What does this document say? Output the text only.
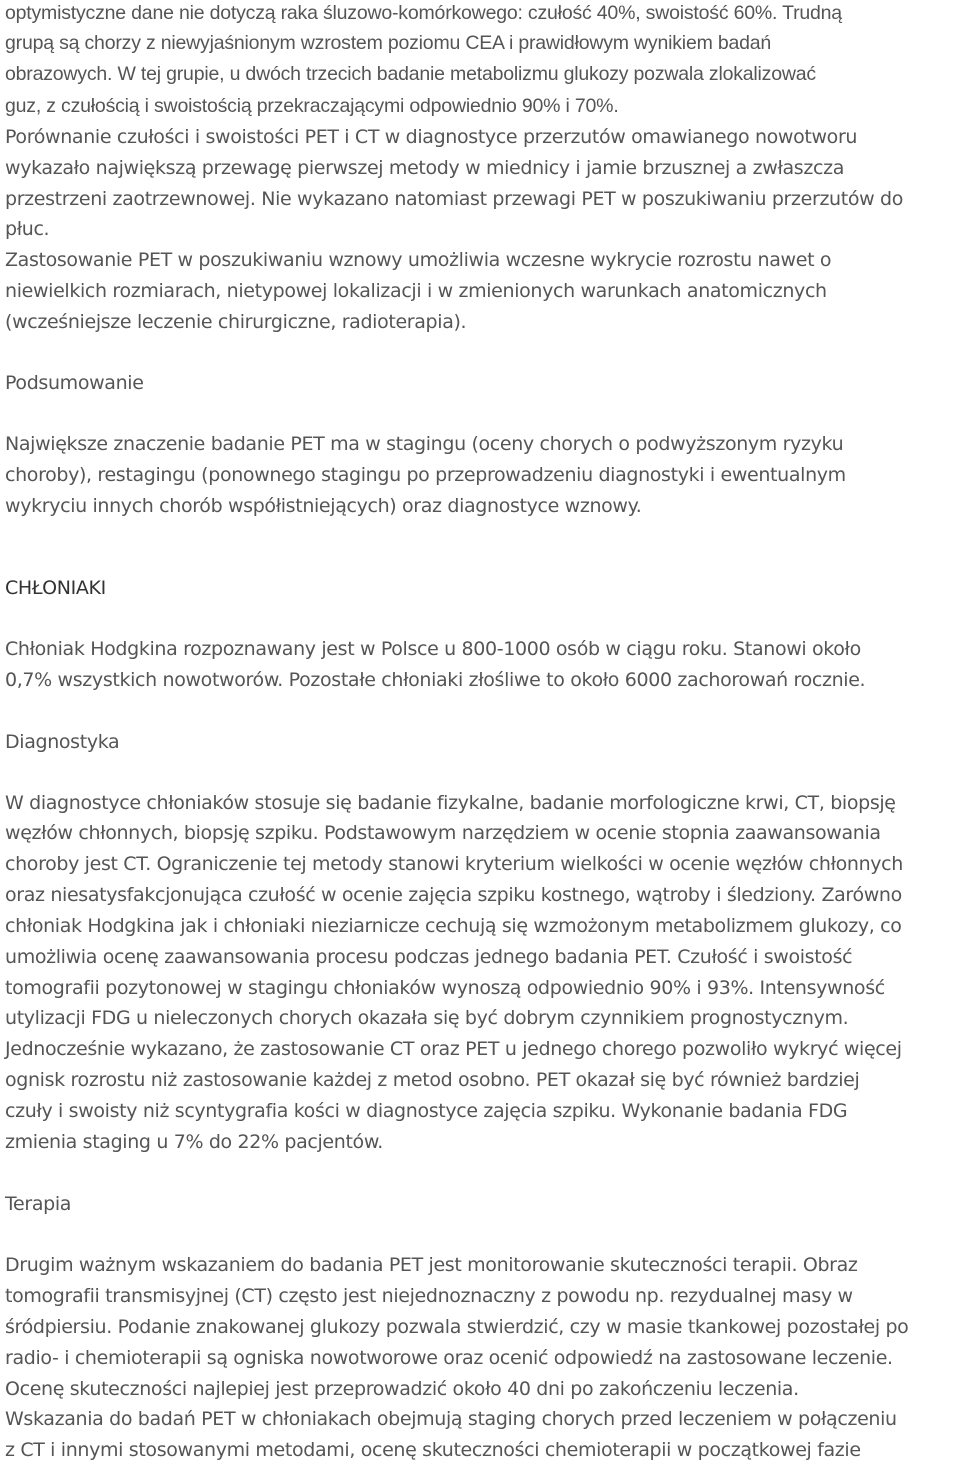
optymistyczne dane nie dotyczą raka śluzowo-komórkowego: czułość 40%, swoistość 60%. Trudną
grupą są chorzy z niewyjaśnionym wzrostem poziomu CEA i prawidłowym wynikiem badań
obrazowych. W tej grupie, u dwóch trzecich badanie metabolizmu glukozy pozwala zlokalizować
guz, z czułością i swoistością przekraczającymi odpowiednio 90% i 70%.
Porównanie czułości i swoistości PET i CT w diagnostyce przerzutów omawianego nowotworu
wykazało największą przewagę pierwszej metody w miednicy i jamie brzusznej a zwłaszcza
przestrzeni zaotrzewnowej. Nie wykazano natomiast przewagi PET w poszukiwaniu przerzutów do
płuc.
Zastosowanie PET w poszukiwaniu wznowy umożliwia wczesne wykrycie rozrostu nawet o
niewielkich rozmiarach, nietypowej lokalizacji i w zmienionych warunkach anatomicznych
(wcześniejsze leczenie chirurgiczne, radioterapia).
Podsumowanie
Największe znaczenie badanie PET ma w stagingu (oceny chorych o podwyższonym ryzyku
choroby), restagingu (ponownego stagingu po przeprowadzeniu diagnostyki i ewentualnym
wykryciu innych chorób współistniejących) oraz diagnostyce wznowy.
CHŁONIAKI
Chłoniak Hodgkina rozpoznawany jest w Polsce u 800-1000 osób w ciągu roku. Stanowi około
0,7% wszystkich nowotworów. Pozostałe chłoniaki złośliwe to około 6000 zachorowań rocznie.
Diagnostyka
W diagnostyce chłoniaków stosuje się badanie fizykalne, badanie morfologiczne krwi, CT, biopsję
węzłów chłonnych, biopsję szpiku. Podstawowym narzędziem w ocenie stopnia zaawansowania
choroby jest CT. Ograniczenie tej metody stanowi kryterium wielkości w ocenie węzłów chłonnych
oraz niesatysfakcjonująca czułość w ocenie zajęcia szpiku kostnego, wątroby i śledziony. Zarówno
chłoniak Hodgkina jak i chłoniaki nieziarnicze cechują się wzmożonym metabolizmem glukozy, co
umożliwia ocenę zaawansowania procesu podczas jednego badania PET. Czułość i swoistość
tomografii pozytonowej w stagingu chłoniaków wynoszą odpowiednio 90% i 93%. Intensywność
utylizacji FDG u nieleczonych chorych okazała się być dobrym czynnikiem prognostycznym.
Jednocześnie wykazano, że zastosowanie CT oraz PET u jednego chorego pozwoliło wykryć więcej
ognisk rozrostu niż zastosowanie każdej z metod osobno. PET okazał się być również bardziej
czuły i swoisty niż scyntygrafia kości w diagnostyce zajęcia szpiku. Wykonanie badania FDG
zmienia staging u 7% do 22% pacjentów.
Terapia
Drugim ważnym wskazaniem do badania PET jest monitorowanie skuteczności terapii. Obraz
tomografii transmisyjnej (CT) często jest niejednoznaczny z powodu np. rezydualnej masy w
śródpiersiu. Podanie znakowanej glukozy pozwala stwierdzić, czy w masie tkankowej pozostałej po
radio- i chemioterapii są ogniska nowotworowe oraz ocenić odpowiedź na zastosowane leczenie.
Ocenę skuteczności najlepiej jest przeprowadzić około 40 dni po zakończeniu leczenia.
Wskazania do badań PET w chłoniakach obejmują staging chorych przed leczeniem w połączeniu
z CT i innymi stosowanymi metodami, ocenę skuteczności chemioterapii w początkowej fazie
